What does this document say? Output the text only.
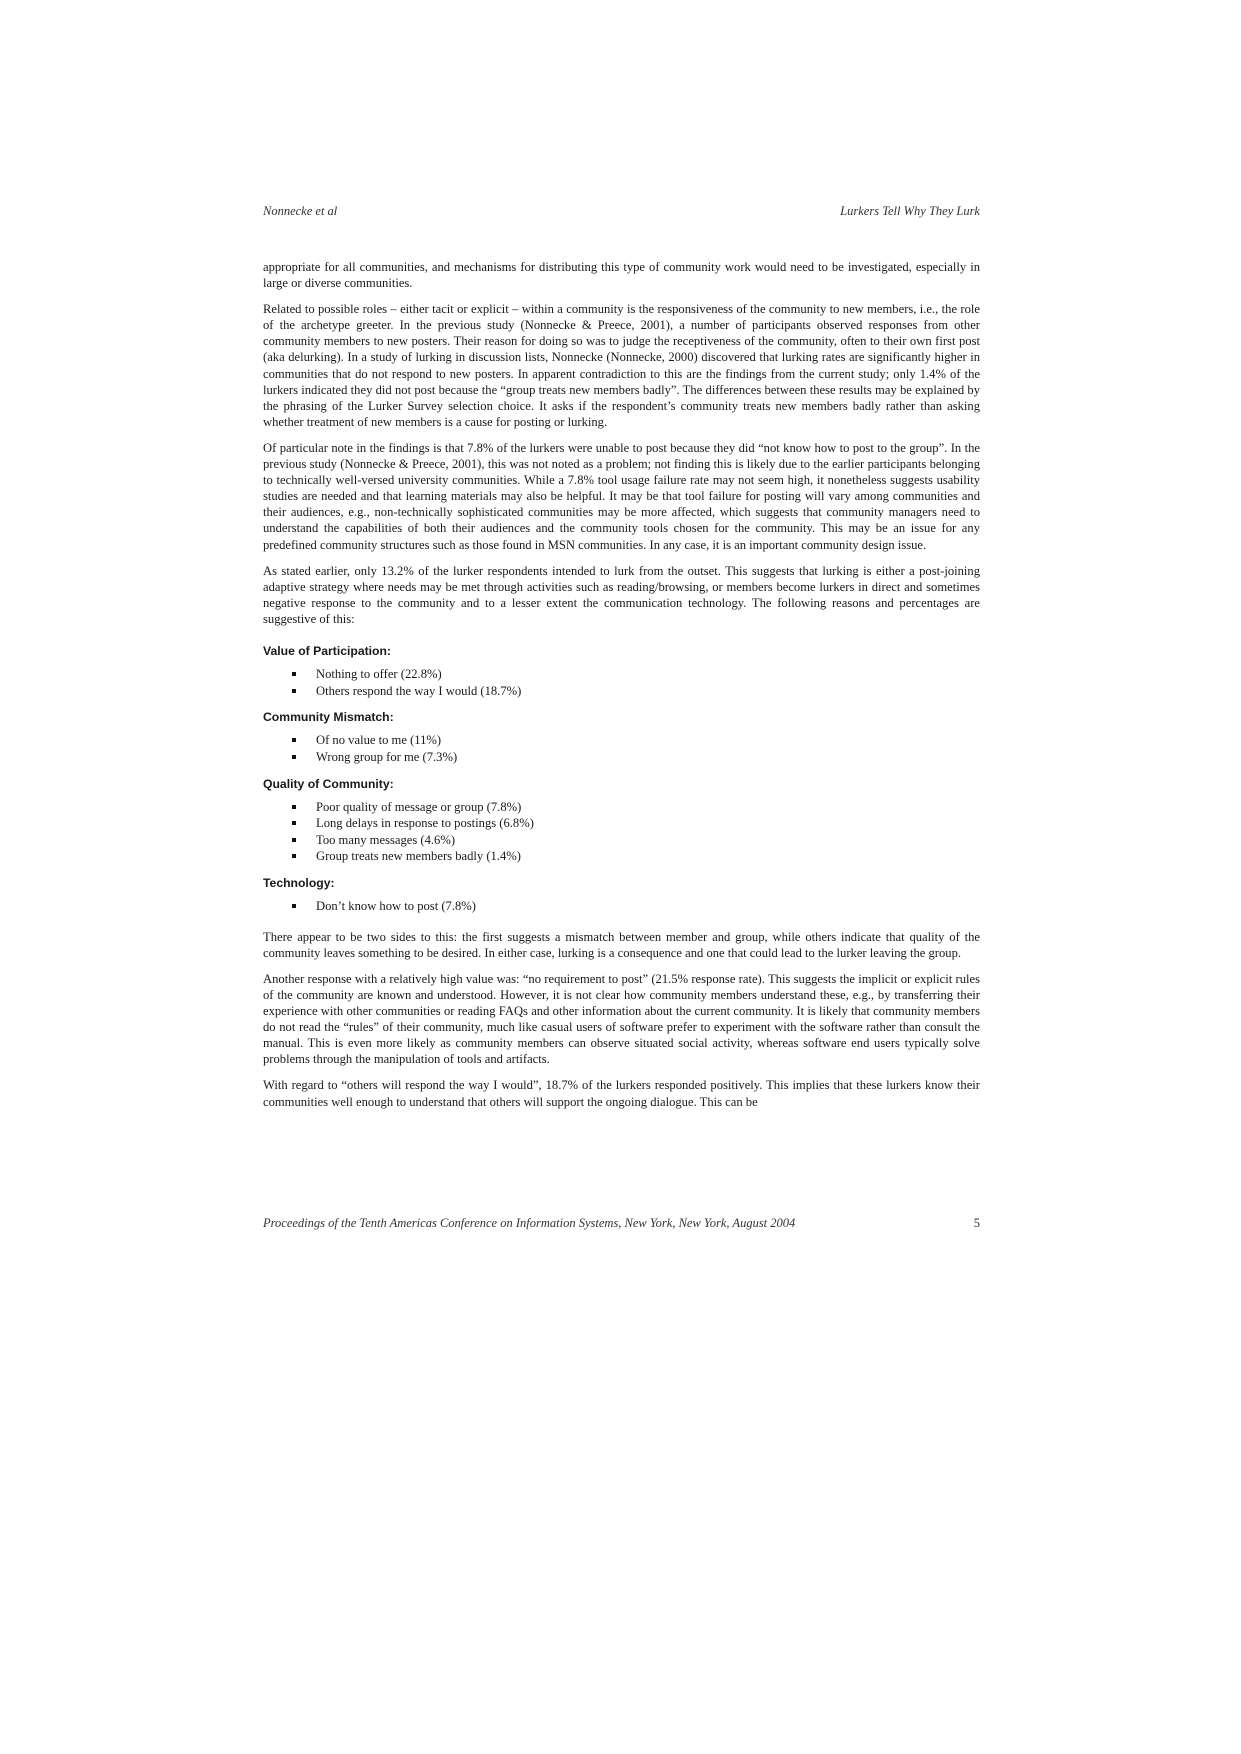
Nonnecke et al	Lurkers Tell Why They Lurk

appropriate for all communities, and mechanisms for distributing this type of community work would need to be investigated, especially in large or diverse communities.

Related to possible roles – either tacit or explicit – within a community is the responsiveness of the community to new members, i.e., the role of the archetype greeter. In the previous study (Nonnecke & Preece, 2001), a number of participants observed responses from other community members to new posters. Their reason for doing so was to judge the receptiveness of the community, often to their own first post (aka delurking). In a study of lurking in discussion lists, Nonnecke (Nonnecke, 2000) discovered that lurking rates are significantly higher in communities that do not respond to new posters. In apparent contradiction to this are the findings from the current study; only 1.4% of the lurkers indicated they did not post because the “group treats new members badly”. The differences between these results may be explained by the phrasing of the Lurker Survey selection choice. It asks if the respondent’s community treats new members badly rather than asking whether treatment of new members is a cause for posting or lurking.

Of particular note in the findings is that 7.8% of the lurkers were unable to post because they did “not know how to post to the group”. In the previous study (Nonnecke & Preece, 2001), this was not noted as a problem; not finding this is likely due to the earlier participants belonging to technically well-versed university communities. While a 7.8% tool usage failure rate may not seem high, it nonetheless suggests usability studies are needed and that learning materials may also be helpful. It may be that tool failure for posting will vary among communities and their audiences, e.g., non-technically sophisticated communities may be more affected, which suggests that community managers need to understand the capabilities of both their audiences and the community tools chosen for the community. This may be an issue for any predefined community structures such as those found in MSN communities. In any case, it is an important community design issue.

As stated earlier, only 13.2% of the lurker respondents intended to lurk from the outset. This suggests that lurking is either a post-joining adaptive strategy where needs may be met through activities such as reading/browsing, or members become lurkers in direct and sometimes negative response to the community and to a lesser extent the communication technology. The following reasons and percentages are suggestive of this:

Value of Participation:
Nothing to offer (22.8%)
Others respond the way I would (18.7%)
Community Mismatch:
Of no value to me (11%)
Wrong group for me (7.3%)
Quality of Community:
Poor quality of message or group (7.8%)
Long delays in response to postings (6.8%)
Too many messages (4.6%)
Group treats new members badly (1.4%)
Technology:
Don’t know how to post (7.8%)

There appear to be two sides to this: the first suggests a mismatch between member and group, while others indicate that quality of the community leaves something to be desired. In either case, lurking is a consequence and one that could lead to the lurker leaving the group.

Another response with a relatively high value was: “no requirement to post” (21.5% response rate). This suggests the implicit or explicit rules of the community are known and understood. However, it is not clear how community members understand these, e.g., by transferring their experience with other communities or reading FAQs and other information about the current community. It is likely that community members do not read the “rules” of their community, much like casual users of software prefer to experiment with the software rather than consult the manual. This is even more likely as community members can observe situated social activity, whereas software end users typically solve problems through the manipulation of tools and artifacts.

With regard to “others will respond the way I would”, 18.7% of the lurkers responded positively. This implies that these lurkers know their communities well enough to understand that others will support the ongoing dialogue. This can be

Proceedings of the Tenth Americas Conference on Information Systems, New York, New York, August 2004	5
